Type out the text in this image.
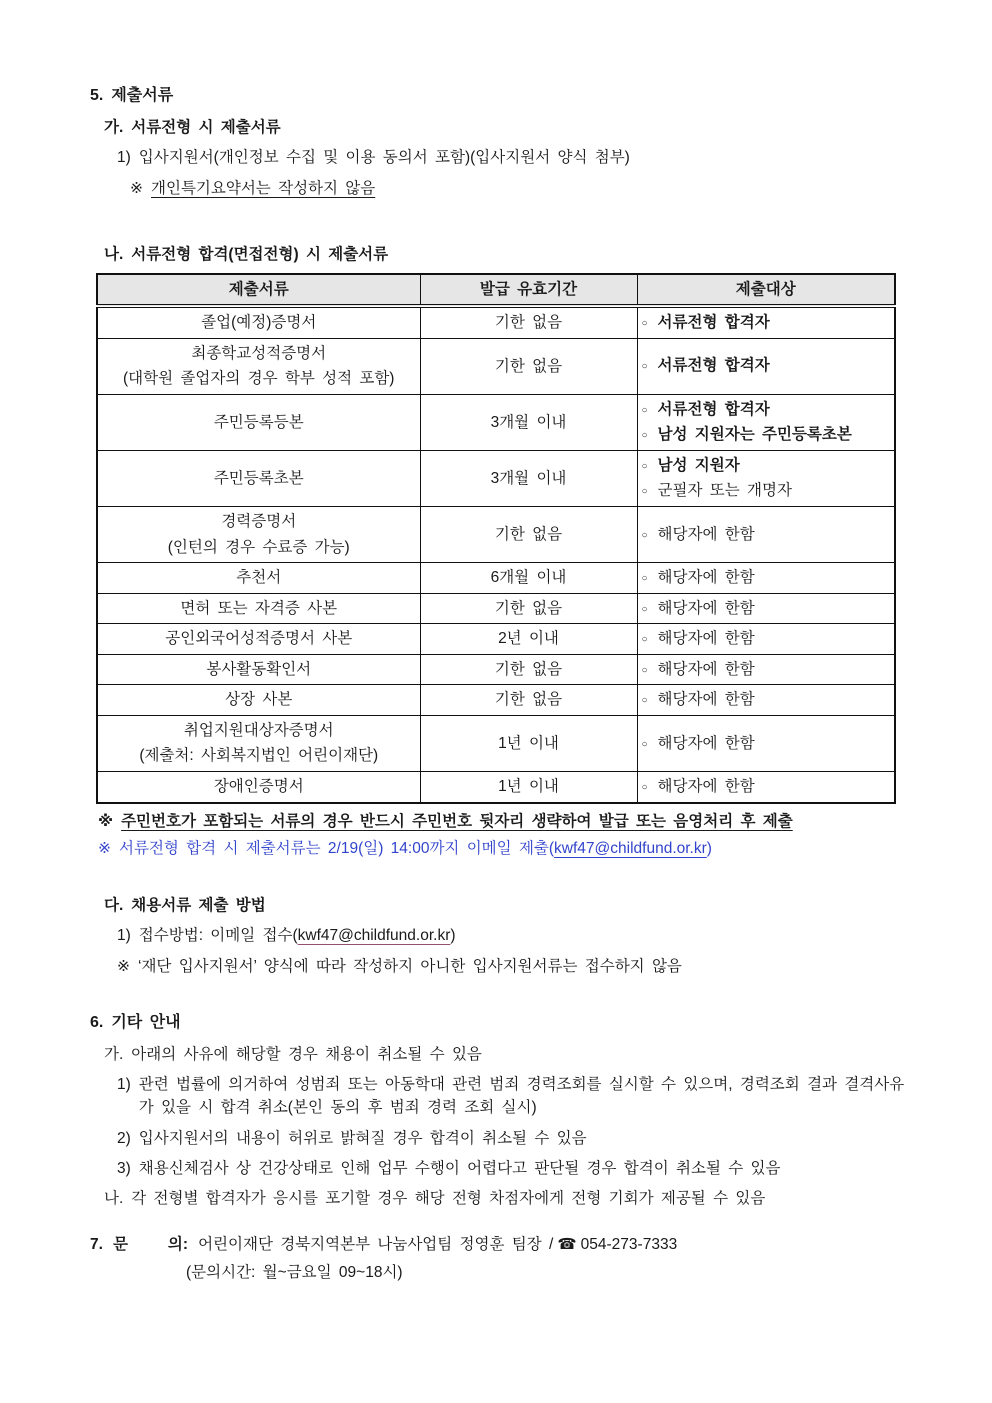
5. 제출서류
가. 서류전형 시 제출서류
1) 입사지원서(개인정보 수집 및 이용 동의서 포함)(입사지원서 양식 첨부)
※ 개인특기요약서는 작성하지 않음
나. 서류전형 합격(면접전형) 시 제출서류
제출서류	발급 유효기간	제출대상
졸업(예정)증명서	기한 없음	○ 서류전형 합격자

최종학교성적증명서
(대학원 졸업자의 경우 학부 성적 포함)	기한 없음	○ 서류전형 합격자

주민등록등본	3개월 이내	○ 서류전형 합격자
○ 남성 지원자는 주민등록초본

주민등록초본	3개월 이내	○ 남성 지원자
○ 군필자 또는 개명자

경력증명서
(인턴의 경우 수료증 가능)	기한 없음	○ 해당자에 한함

추천서	6개월 이내	○ 해당자에 한함

면허 또는 자격증 사본	기한 없음	○ 해당자에 한함

공인외국어성적증명서 사본	2년 이내	○ 해당자에 한함

봉사활동확인서	기한 없음	○ 해당자에 한함

상장 사본	기한 없음	○ 해당자에 한함

취업지원대상자증명서
(제출처: 사회복지법인 어린이재단)	1년 이내	○ 해당자에 한함

장애인증명서	1년 이내	○ 해당자에 한함
※ 주민번호가 포함되는 서류의 경우 반드시 주민번호 뒷자리 생략하여 발급 또는 음영처리 후 제출
※ 서류전형 합격 시 제출서류는 2/19(일) 14:00까지 이메일 제출(kwf47@childfund.or.kr)
다. 채용서류 제출 방법
1) 접수방법: 이메일 접수(kwf47@childfund.or.kr)
※ ‘재단 입사지원서’ 양식에 따라 작성하지 아니한 입사지원서류는 접수하지 않음
6. 기타 안내
가. 아래의 사유에 해당할 경우 채용이 취소될 수 있음
1) 관련 법률에 의거하여 성범죄 또는 아동학대 관련 범죄 경력조회를 실시할 수 있으며, 경력조회 결과 결격사유가 있을 시 합격 취소(본인 동의 후 범죄 경력 조회 실시)
2) 입사지원서의 내용이 허위로 밝혀질 경우 합격이 취소될 수 있음
3) 채용신체검사 상 건강상태로 인해 업무 수행이 어렵다고 판단될 경우 합격이 취소될 수 있음
나. 각 전형별 합격자가 응시를 포기할 경우 해당 전형 차점자에게 전형 기회가 제공될 수 있음
7. 문	의: 어린이재단 경북지역본부 나눔사업팀 정영훈 팀장 / ☎ 054-273-7333
(문의시간: 월~금요일 09~18시)
